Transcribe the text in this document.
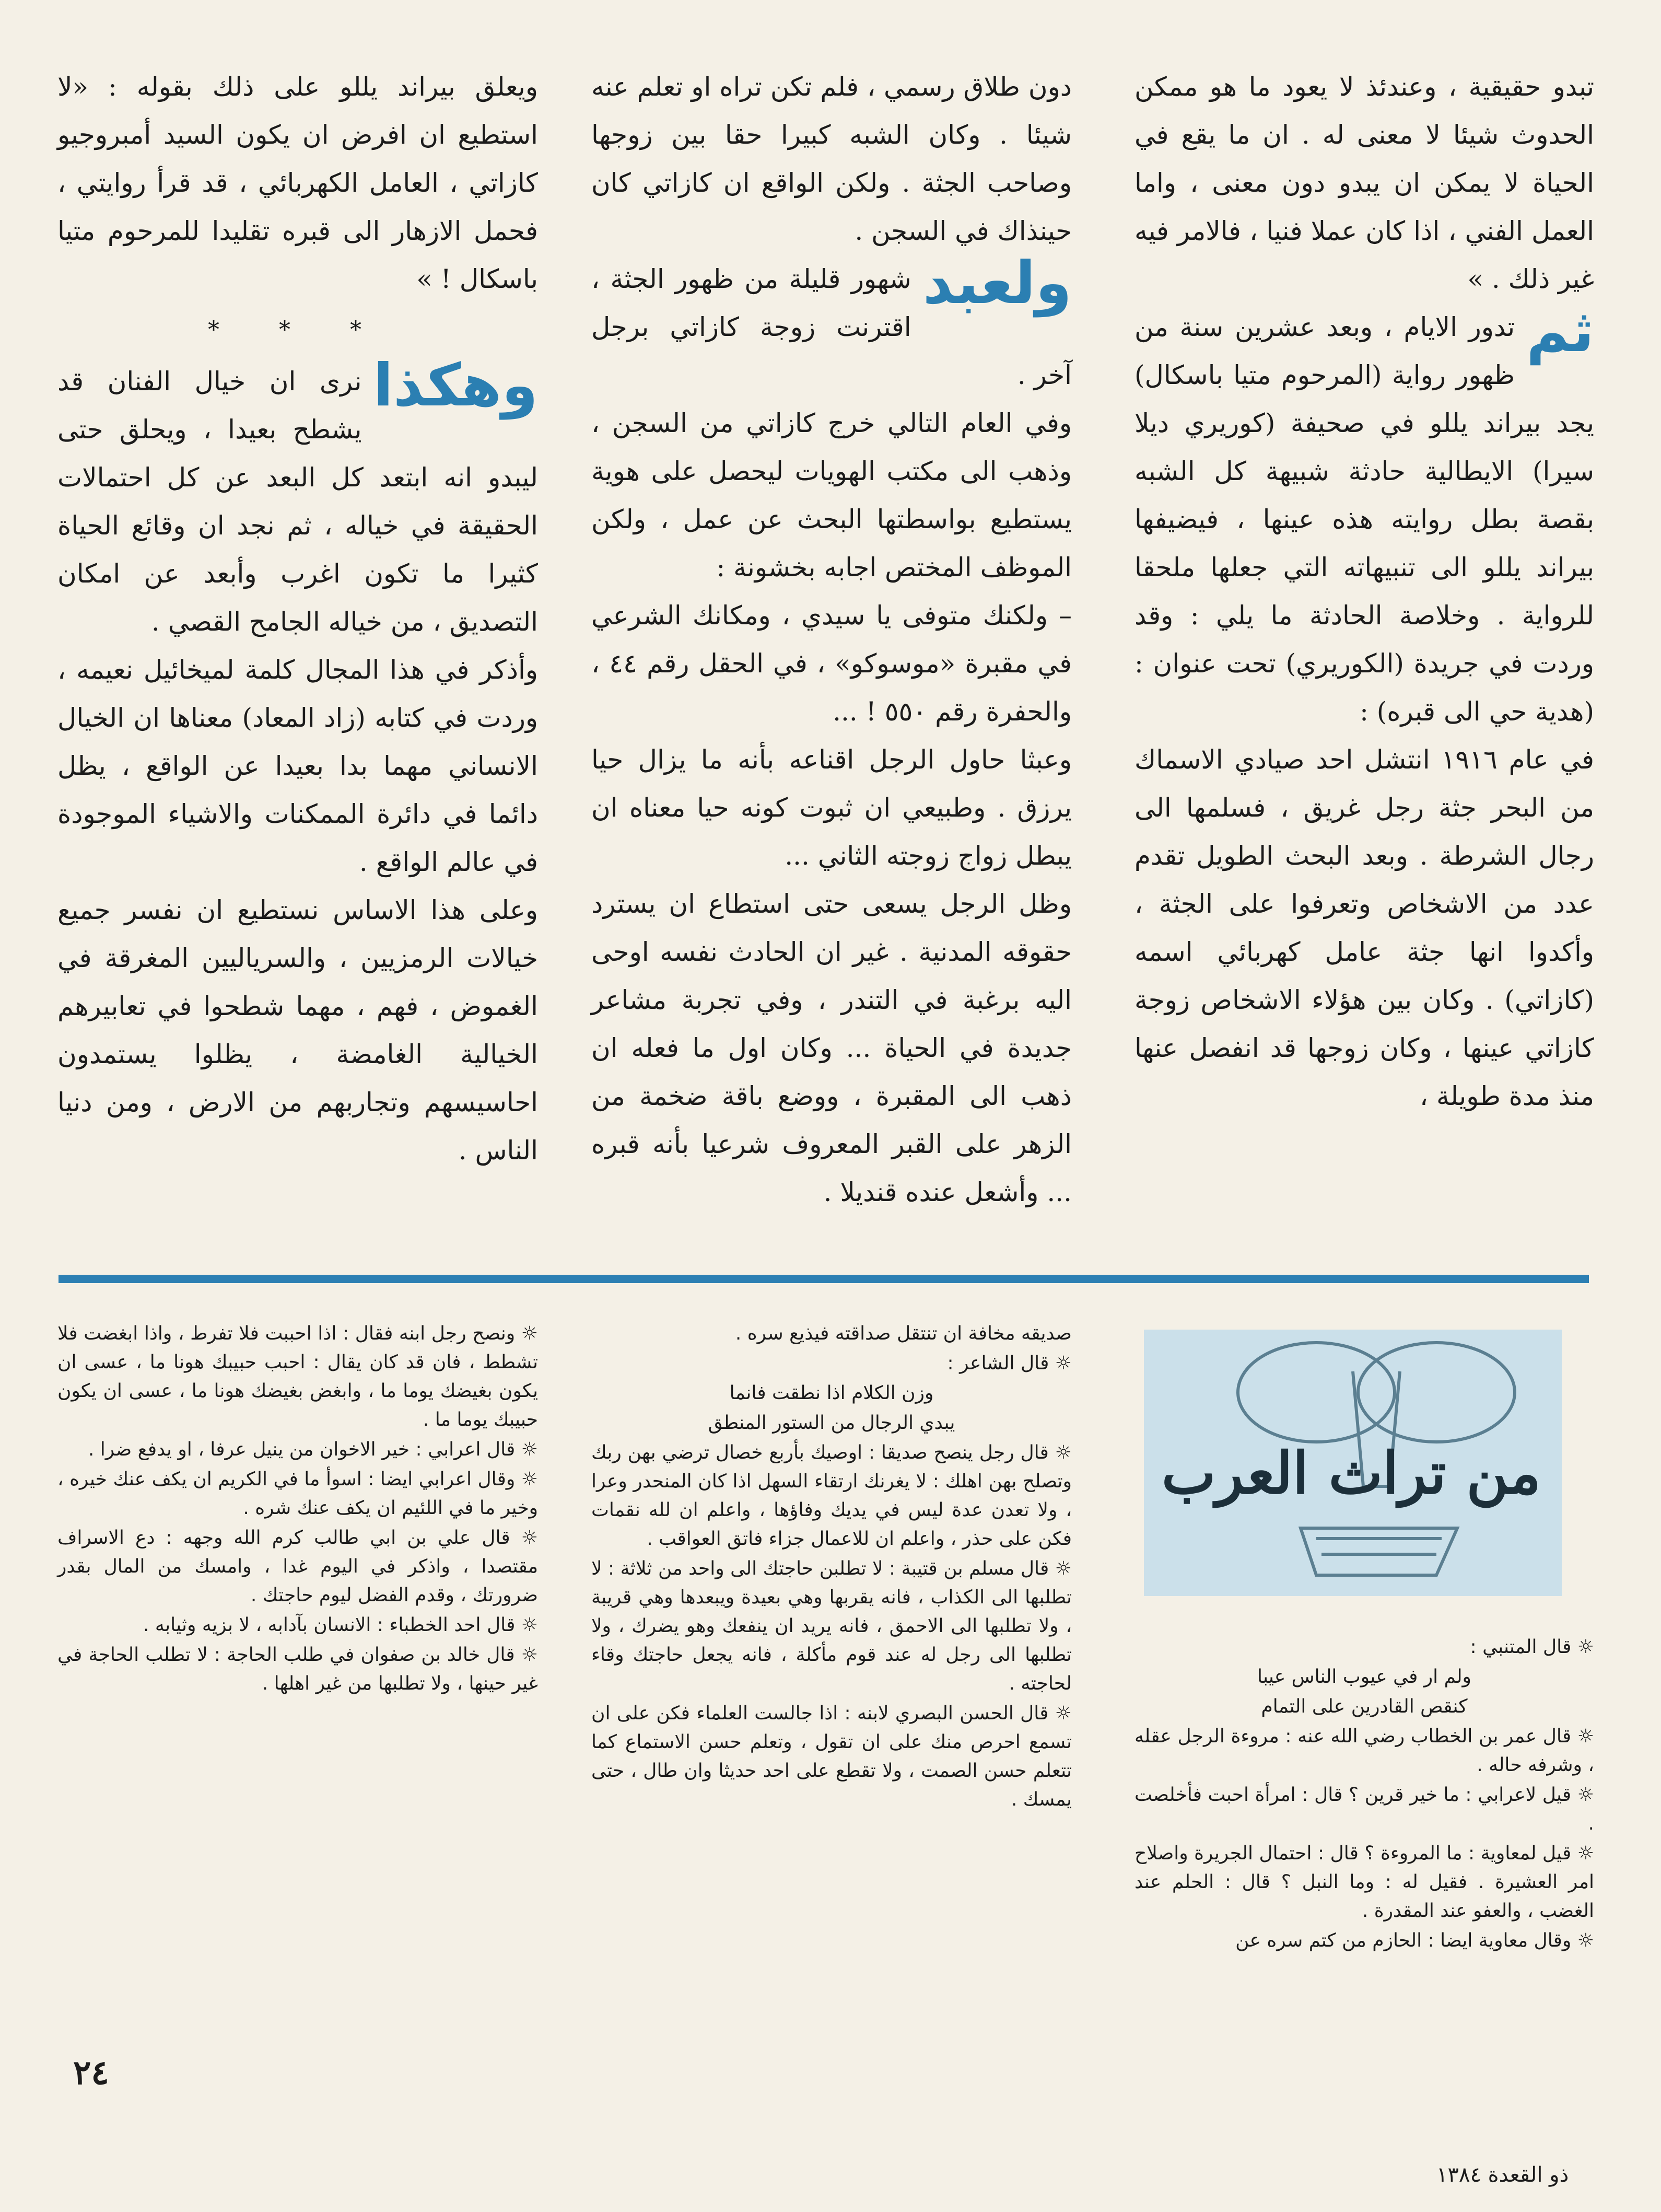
تبدو حقيقية ، وعندئذ لا يعود ما هو ممكن الحدوث شيئا لا معنى له . ان ما يقع في الحياة لا يمكن ان يبدو دون معنى ، واما العمل الفني ، اذا كان عملا فنيا ، فالامر فيه غير ذلك . »

ثم
تدور الايام ، وبعد عشرين سنة من ظهور رواية (المرحوم متيا باسكال) يجد بيراند يللو في صحيفة (كوريري ديلا سيرا) الايطالية حادثة شبيهة كل الشبه بقصة بطل روايته هذه عينها ، فيضيفها بيراند يللو الى تنبيهاته التي جعلها ملحقا للرواية . وخلاصة الحادثة ما يلي : وقد وردت في جريدة (الكوريري) تحت عنوان : (هدية حي الى قبره) :

في عام ١٩١٦ انتشل احد صيادي الاسماك من البحر جثة رجل غريق ، فسلمها الى رجال الشرطة . وبعد البحث الطويل تقدم عدد من الاشخاص وتعرفوا على الجثة ، وأكدوا انها جثة عامل كهربائي اسمه (كازاتي) . وكان بين هؤلاء الاشخاص زوجة كازاتي عينها ، وكان زوجها قد انفصل عنها منذ مدة طويلة ،

دون طلاق رسمي ، فلم تكن تراه او تعلم عنه شيئا . وكان الشبه كبيرا حقا بين زوجها وصاحب الجثة . ولكن الواقع ان كازاتي كان حينذاك في السجن .

ولعبد
شهور قليلة من ظهور الجثة ، اقترنت زوجة كازاتي برجل آخر .

وفي العام التالي خرج كازاتي من السجن ، وذهب الى مكتب الهويات ليحصل على هوية يستطيع بواسطتها البحث عن عمل ، ولكن الموظف المختص اجابه بخشونة :

– ولكنك متوفى يا سيدي ، ومكانك الشرعي في مقبرة «موسوكو» ، في الحقل رقم ٤٤ ، والحفرة رقم ٥٥٠ ! ...

وعبثا حاول الرجل اقناعه بأنه ما يزال حيا يرزق . وطبيعي ان ثبوت كونه حيا معناه ان يبطل زواج زوجته الثاني ...

وظل الرجل يسعى حتى استطاع ان يسترد حقوقه المدنية . غير ان الحادث نفسه اوحى اليه برغبة في التندر ، وفي تجربة مشاعر جديدة في الحياة ... وكان اول ما فعله ان ذهب الى المقبرة ، ووضع باقة ضخمة من الزهر على القبر المعروف شرعيا بأنه قبره ... وأشعل عنده قنديلا .

ويعلق بيراند يللو على ذلك بقوله : «لا استطيع ان افرض ان يكون السيد أمبروجيو كازاتي ، العامل الكهربائي ، قد قرأ روايتي ، فحمل الازهار الى قبره تقليدا للمرحوم متيا باسكال ! »

* * *

وهكذا
نرى ان خيال الفنان قد يشطح بعيدا ، ويحلق حتى ليبدو انه ابتعد كل البعد عن كل احتمالات الحقيقة في خياله ، ثم نجد ان وقائع الحياة كثيرا ما تكون اغرب وأبعد عن امكان التصديق ، من خياله الجامح القصي .

وأذكر في هذا المجال كلمة لميخائيل نعيمه ، وردت في كتابه (زاد المعاد) معناها ان الخيال الانساني مهما بدا بعيدا عن الواقع ، يظل دائما في دائرة الممكنات والاشياء الموجودة في عالم الواقع .

وعلى هذا الاساس نستطيع ان نفسر جميع خيالات الرمزيين ، والسرياليين المغرقة في الغموض ، فهم ، مهما شطحوا في تعابيرهم الخيالية الغامضة ، يظلوا يستمدون احاسيسهم وتجاربهم من الارض ، ومن دنيا الناس .

من تراث العرب

☼ قال المتنبي :

ولم ار في عيوب الناس عيبا

كنقص القادرين على التمام

☼ قال عمر بن الخطاب رضي الله عنه : مروءة الرجل عقله ، وشرفه حاله .

☼ قيل لاعرابي : ما خير قرين ؟ قال : امرأة احبت فأخلصت .

☼ قيل لمعاوية : ما المروءة ؟ قال : احتمال الجريرة واصلاح امر العشيرة . فقيل له : وما النبل ؟ قال : الحلم عند الغضب ، والعفو عند المقدرة .

☼ وقال معاوية ايضا : الحازم من كتم سره عن

صديقه مخافة ان تنتقل صداقته فيذيع سره .

☼ قال الشاعر :

وزن الكلام اذا نطقت فانما

يبدي الرجال من الستور المنطق

☼ قال رجل ينصح صديقا : اوصيك بأربع خصال ترضي بهن ربك وتصلح بهن اهلك : لا يغرنك ارتقاء السهل اذا كان المنحدر وعرا ، ولا تعدن عدة ليس في يديك وفاؤها ، واعلم ان لله نقمات فكن على حذر ، واعلم ان للاعمال جزاء فاتق العواقب .

☼ قال مسلم بن قتيبة : لا تطلبن حاجتك الى واحد من ثلاثة : لا تطلبها الى الكذاب ، فانه يقربها وهي بعيدة ويبعدها وهي قريبة ، ولا تطلبها الى الاحمق ، فانه يريد ان ينفعك وهو يضرك ، ولا تطلبها الى رجل له عند قوم مأكلة ، فانه يجعل حاجتك وقاء لحاجته .

☼ قال الحسن البصري لابنه : اذا جالست العلماء فكن على ان تسمع احرص منك على ان تقول ، وتعلم حسن الاستماع كما تتعلم حسن الصمت ، ولا تقطع على احد حديثا وان طال ، حتى يمسك .

☼ ونصح رجل ابنه فقال : اذا احببت فلا تفرط ، واذا ابغضت فلا تشطط ، فان قد كان يقال : احبب حبيبك هونا ما ، عسى ان يكون بغيضك يوما ما ، وابغض بغيضك هونا ما ، عسى ان يكون حبيبك يوما ما .

☼ قال اعرابي : خير الاخوان من ينيل عرفا ، او يدفع ضرا .

☼ وقال اعرابي ايضا : اسوأ ما في الكريم ان يكف عنك خيره ، وخير ما في اللئيم ان يكف عنك شره .

☼ قال علي بن ابي طالب كرم الله وجهه : دع الاسراف مقتصدا ، واذكر في اليوم غدا ، وامسك من المال بقدر ضرورتك ، وقدم الفضل ليوم حاجتك .

☼ قال احد الخطباء : الانسان بآدابه ، لا بزيه وثيابه .

☼ قال خالد بن صفوان في طلب الحاجة : لا تطلب الحاجة في غير حينها ، ولا تطلبها من غير اهلها .

٢٤
ذو القعدة ١٣٨٤
